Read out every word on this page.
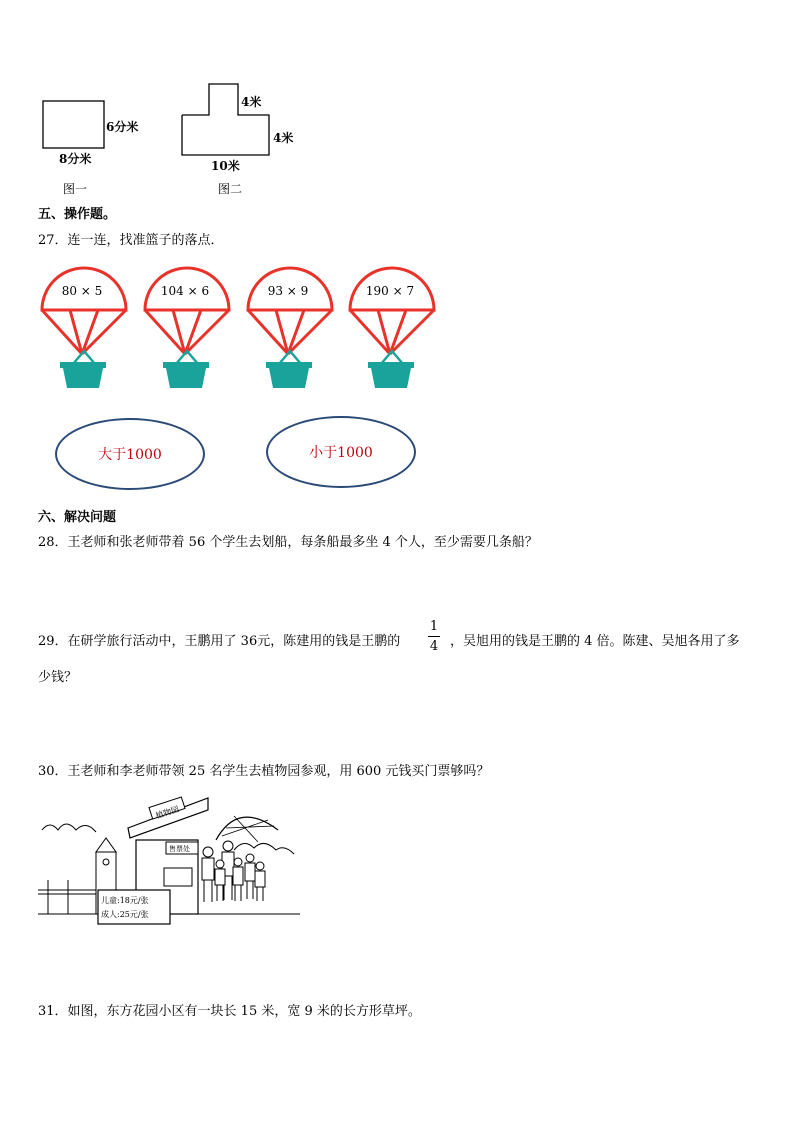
6分米
8分米
图一
4米
4米
10米
图二
五、操作题。
27．连一连，找准篮子的落点．
80 × 5	104 × 6	93 × 9	190 × 7
大于1000	小于1000
六、解决问题
28．王老师和张老师带着 56 个学生去划船，每条船最多坐 4 个人，至少需要几条船？
29．在研学旅行活动中，王鹏用了 36元，陈建用的钱是王鹏的
1
4 ，吴旭用的钱是王鹏的 4 倍。陈建、吴旭各用了多
少钱？
30．王老师和李老师带领 25 名学生去植物园参观，用 600 元钱买门票够吗？
植物园
售票处
儿童:18元/张
成人:25元/张
31．如图，东方花园小区有一块长 15 米，宽 9 米的长方形草坪。
